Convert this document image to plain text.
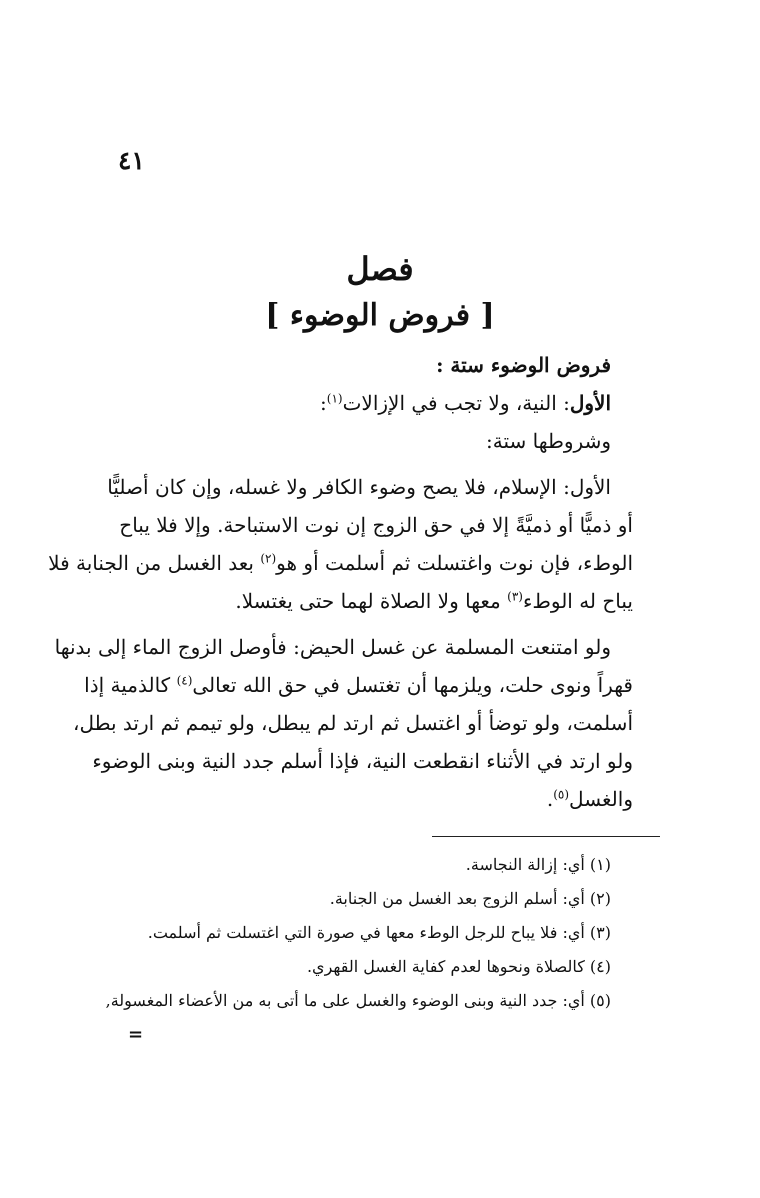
٤١
فصل
[ فروض الوضوء ]
فروض الوضوء ستة :
الأول: النية، ولا تجب في الإزالات$^{(١)}$:
وشروطها ستة:
الأول: الإسلام، فلا يصح وضوء الكافر ولا غسله، وإن كان أصليًّا
أو ذميًّا أو ذميَّةً إلا في حق الزوج إن نوت الاستباحة. وإلا فلا يباح
الوطء، فإن نوت واغتسلت ثم أسلمت أو هو$^{(٢)}$ بعد الغسل من الجنابة فلا
يباح له الوطء$^{(٣)}$ معها ولا الصلاة لهما حتى يغتسلا.
ولو امتنعت المسلمة عن غسل الحيض: فأوصل الزوج الماء إلى بدنها
قهراً ونوى حلت، ويلزمها أن تغتسل في حق الله تعالى$^{(٤)}$ كالذمية إذا
أسلمت، ولو توضأ أو اغتسل ثم ارتد لم يبطل، ولو تيمم ثم ارتد بطل،
ولو ارتد في الأثناء انقطعت النية، فإذا أسلم جدد النية وبنى الوضوء
والغسل$^{(٥)}$.
(١) أي: إزالة النجاسة.
(٢) أي: أسلم الزوج بعد الغسل من الجنابة.
(٣) أي: فلا يباح للرجل الوطء معها في صورة التي اغتسلت ثم أسلمت.
(٤) كالصلاة ونحوها لعدم كفاية الغسل القهري.
(٥) أي: جدد النية وبنى الوضوء والغسل على ما أتى به من الأعضاء المغسولة,
=
